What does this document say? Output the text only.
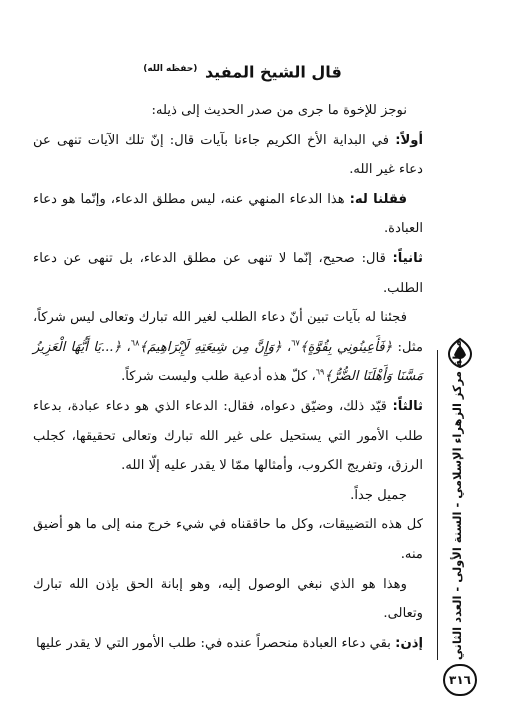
قال الشيخ المفيد $^{(حفظه الله)}$

نوجز للإخوة ما جرى من صدر الحديث إلى ذيله:

أولاً: في البداية الأخ الكريم جاءنا بآيات قال: إنّ تلك الآيات تنهى عن دعاء غير الله.

فقلنا له: هذا الدعاء المنهي عنه، ليس مطلق الدعاء، وإنّما هو دعاء العبادة.

ثانياً: قال: صحيح، إنّما لا تنهى عن مطلق الدعاء، بل تنهى عن دعاء الطلب.

فجئنا له بآيات تبين أنّ دعاء الطلب لغير الله تبارك وتعالى ليس شركاً، مثل: ﴿فَأَعِينُونِي بِقُوَّةٍ﴾$^{٦٧}$، ﴿وَإِنَّ مِن شِيعَتِهِ لَإِبْرَاهِيمَ﴾$^{٦٨}$، ﴿...يَا أَيُّهَا الْعَزِيزُ مَسَّنَا وَأَهْلَنَا الضُّرُّ﴾$^{٦٩}$، كلّ هذه أدعية طلب وليست شركاً.

ثالثاً: قيّد ذلك، وضيّق دعواه، فقال: الدعاء الذي هو دعاء عبادة، بدعاء طلب الأمور التي يستحيل على غير الله تبارك وتعالى تحقيقها، كجلب الرزق، وتفريج الكروب، وأمثالها ممّا لا يقدر عليه إلّا الله.

جميل جداً.

كل هذه التضييقات، وكل ما حاققناه في شيء خرج منه إلى ما هو أضيق منه.

وهذا هو الذي نبغي الوصول إليه، وهو إبانة الحق بإذن الله تبارك وتعالى.

إذن: بقي دعاء العبادة منحصراً عنده في: طلب الأمور التي لا يقدر عليها	مجلة مركز الزهراء الإسلامي - السنة الأولى - العدد الثاني
٣١٦
